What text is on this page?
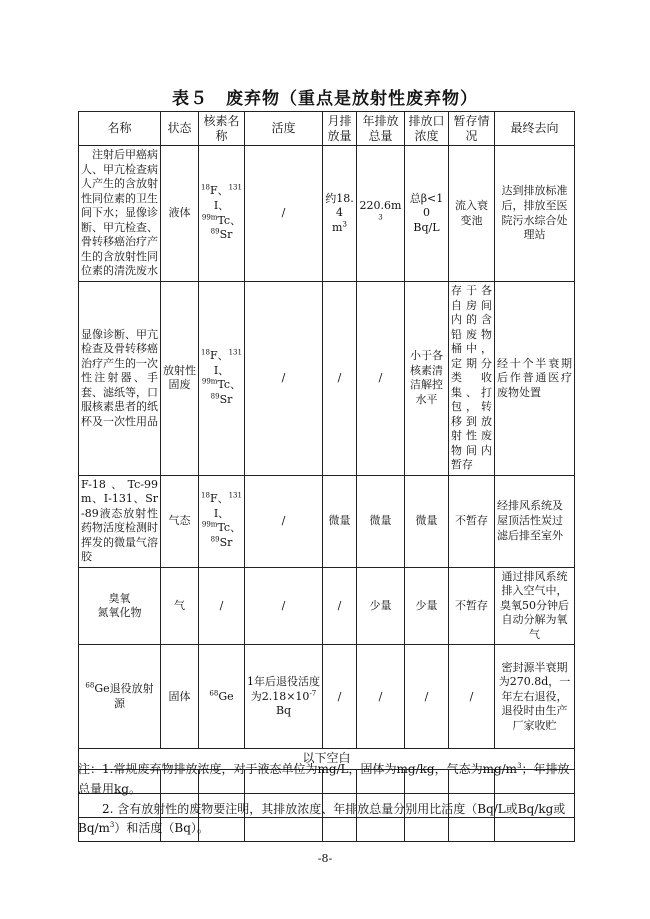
表５　废弃物（重点是放射性废弃物）
名称	状态	核素名称	活度	月排放量	年排放总量	排放口浓度	暂存情况	最终去向
注射后甲癌病人、甲亢检查病人产生的含放射性同位素的卫生间下水；显像诊断、甲亢检查、骨转移癌治疗产生的含放射性同位素的清洗废水	液体	$^{18}$F、$^{131}$I、
$^{99m}$Tc、
$^{89}$Sr	/	约18.4
$m^3$	$220.6m^3$	总β<10
Bq/L	流入衰变池	达到排放标准后，排放至医院污水综合处理站
显像诊断、甲亢检查及骨转移癌治疗产生的一次性注射器、手套、滤纸等，口服核素患者的纸杯及一次性用品	放射性固废	$^{18}$F、$^{131}$I、
$^{99m}$Tc、
$^{89}$Sr	/	/	/	小于各核素清洁解控水平	存于各自房间内的含铅废物桶中，定期分类收集、打包，转移到放射性废物间内暂存	经十个半衰期后作普通医疗废物处置
F-18、Tc-99m、I-131、Sr-89液态放射性药物活度检测时挥发的微量气溶胶	气态	$^{18}$F、$^{131}$I、
$^{99m}$Tc、
$^{89}$Sr	/	微量	微量	微量	不暂存	经排风系统及屋顶活性炭过滤后排至室外
臭氧
氮氧化物	气	/	/	/	少量	少量	不暂存	通过排风系统排入空气中，臭氧50分钟后自动分解为氧气
$^{68}$Ge退役放射源	固体	$^{68}$Ge	1年后退役活度
为$2.18\times 10^{-7}Bq$	/	/	/	/	密封源半衰期为270.8d，一年左右退役，退役时由生产厂家收贮
以下空白								

注：1.常规废弃物排放浓度，对于液态单位为mg/L，固体为mg/kg，气态为$mg/m^3$；年排放总量用kg。

2. 含有放射性的废物要注明，其排放浓度、年排放总量分别用比活度（Bq/L或Bq/kg或$Bq/m^3$）和活度（Bq）。

-8-
